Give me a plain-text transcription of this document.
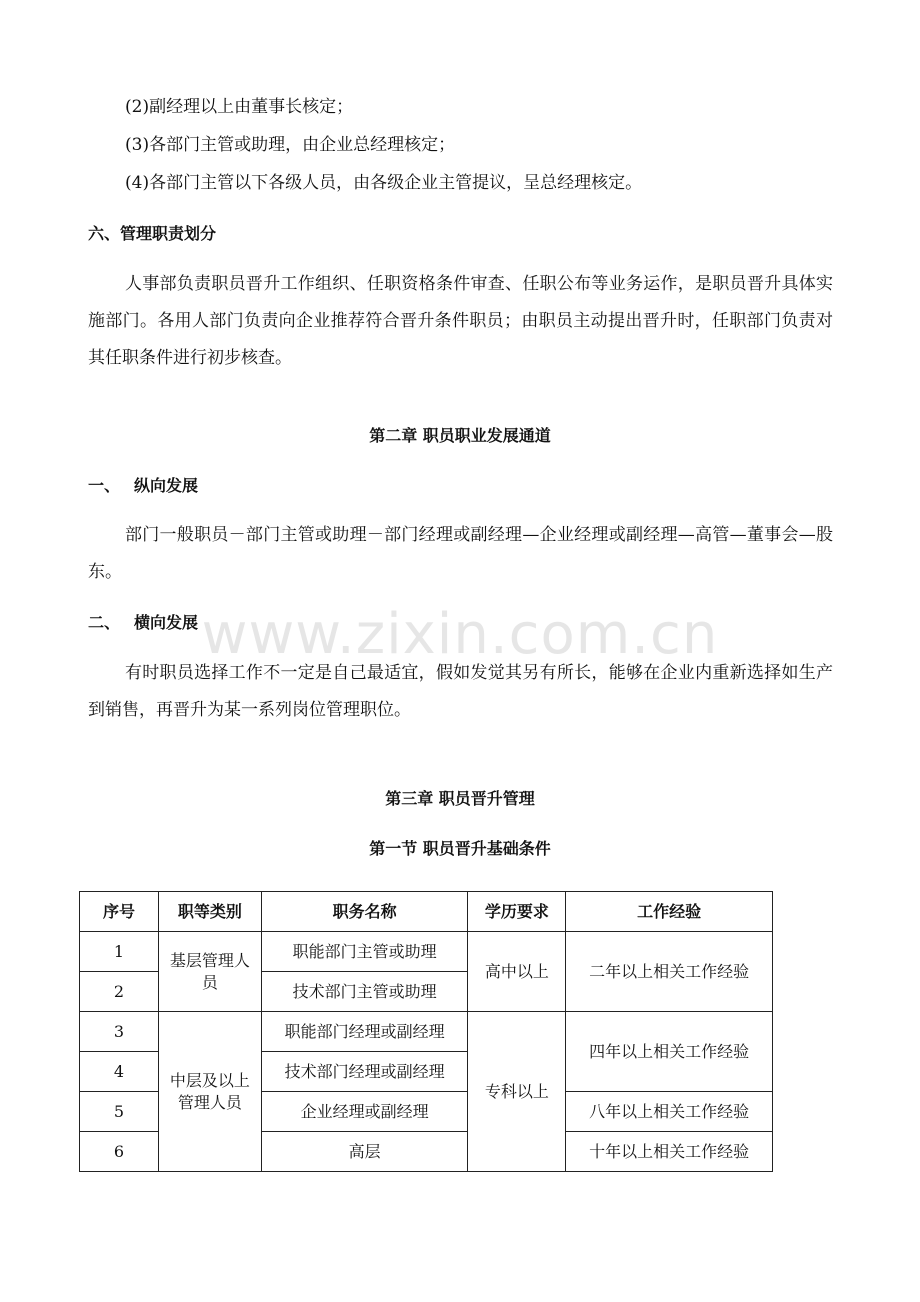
(2)副经理以上由董事长核定；
(3)各部门主管或助理，由企业总经理核定；
(4)各部门主管以下各级人员，由各级企业主管提议，呈总经理核定。
六、管理职责划分
人事部负责职员晋升工作组织、任职资格条件审查、任职公布等业务运作，是职员晋升具体实施部门。各用人部门负责向企业推荐符合晋升条件职员；由职员主动提出晋升时，任职部门负责对其任职条件进行初步核查。
第二章 职员职业发展通道
一、 纵向发展
部门一般职员－部门主管或助理－部门经理或副经理—企业经理或副经理—高管—董事会—股东。
二、 横向发展
有时职员选择工作不一定是自己最适宜，假如发觉其另有所长，能够在企业内重新选择如生产到销售，再晋升为某一系列岗位管理职位。
第三章 职员晋升管理
第一节 职员晋升基础条件
序号	职等类别	职务名称	学历要求	工作经验
1	基层管理人员	职能部门主管或助理	高中以上	二年以上相关工作经验
2		技术部门主管或助理		
3	中层及以上管理人员	职能部门经理或副经理	专科以上	四年以上相关工作经验
4		技术部门经理或副经理		
5		企业经理或副经理		八年以上相关工作经验
6		高层		十年以上相关工作经验
www.zixin.com.cn
